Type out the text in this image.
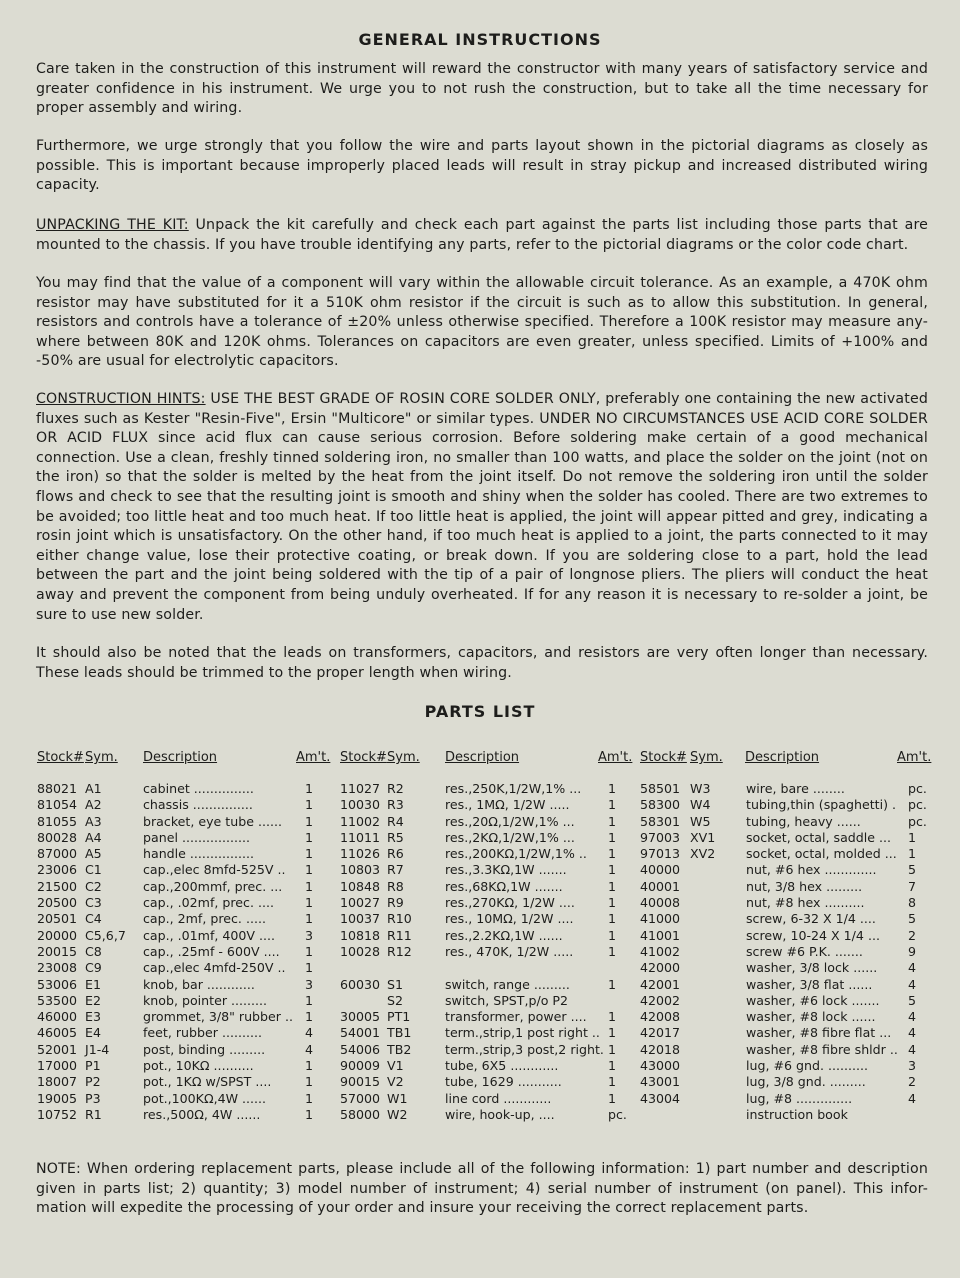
GENERAL INSTRUCTIONS
Care taken in the construction of this instrument will reward the constructor with many years of satisfactory service and greater confidence in his instrument. We urge you to not rush the construction, but to take all the time necessary for proper assembly and wiring.
Furthermore, we urge strongly that you follow the wire and parts layout shown in the pictorial diagrams as closely as possible. This is important because improperly placed leads will result in stray pickup and increased distributed wiring capacity.
UNPACKING THE KIT: Unpack the kit carefully and check each part against the parts list including those parts that are mounted to the chassis. If you have trouble identifying any parts, refer to the pictorial diagrams or the color code chart.
You may find that the value of a component will vary within the allowable circuit tolerance. As an example, a 470K ohm resistor may have substituted for it a 510K ohm resistor if the circuit is such as to allow this substitution. In general, resistors and controls have a tolerance of ±20% unless otherwise specified. Therefore a 100K resistor may measure any-where between 80K and 120K ohms. Tolerances on capacitors are even greater, unless specified. Limits of +100% and -50% are usual for electrolytic capacitors.
CONSTRUCTION HINTS: USE THE BEST GRADE OF ROSIN CORE SOLDER ONLY, preferably one containing the new activated fluxes such as Kester "Resin-Five", Ersin "Multicore" or similar types. UNDER NO CIRCUMSTANCES USE ACID CORE SOLDER OR ACID FLUX since acid flux can cause serious corrosion. Before soldering make certain of a good mechanical connection. Use a clean, freshly tinned soldering iron, no smaller than 100 watts, and place the solder on the joint (not on the iron) so that the solder is melted by the heat from the joint itself. Do not remove the soldering iron until the solder flows and check to see that the resulting joint is smooth and shiny when the solder has cooled. There are two extremes to be avoided; too little heat and too much heat. If too little heat is applied, the joint will appear pitted and grey, indicating a rosin joint which is unsatisfactory. On the other hand, if too much heat is applied to a joint, the parts connected to it may either change value, lose their protective coating, or break down. If you are soldering close to a part, hold the lead between the part and the joint being soldered with the tip of a pair of longnose pliers. The pliers will conduct the heat away and prevent the component from being unduly overheated. If for any reason it is necessary to re-solder a joint, be sure to use new solder.
It should also be noted that the leads on transformers, capacitors, and resistors are very often longer than necessary. These leads should be trimmed to the proper length when wiring.
PARTS LIST
Stock# Sym. Description	Am't. Stock# Sym. Description	Am't. Stock# Sym. Description	Am't.
88021 A1	cabinet ...............	1
81054 A2	chassis ...............	1
81055 A3	bracket, eye tube ...... 1
80028 A4	panel .................	1
87000 A5	handle ................	1
23006 C1	cap.,elec 8mfd-525V .. 1
21500 C2	cap.,200mmf, prec. ... 1
20500 C3	cap., .02mf, prec. .... 1
20501 C4	cap., 2mf, prec. .....	1
20000 C5,6,7 cap., .01mf, 400V .... 3
20015 C8	cap., .25mf - 600V .... 1
23008 C9	cap.,elec 4mfd-250V .. 1
53006 E1	knob, bar ............	3
53500 E2	knob, pointer .........	1
46000 E3	grommet, 3/8" rubber .. 1
46005 E4	feet, rubber ..........	4
52001 J1-4	post, binding .........	4
17000 P1	pot., 10KΩ ..........	1
18007 P2	pot., 1KΩ w/SPST ....	1
19005 P3	pot.,100KΩ,4W ......	1
10752 R1	res.,500Ω, 4W ......	1
11027 R2	res.,250K,1/2W,1% ... 1
10030 R3	res., 1MΩ, 1/2W .....	1
11002 R4	res.,20Ω,1/2W,1% ...	1
11011 R5	res.,2KΩ,1/2W,1% ...	1
11026 R6	res.,200KΩ,1/2W,1% .. 1
10803 R7	res.,3.3KΩ,1W .......	1
10848 R8	res.,68KΩ,1W .......	1
10027 R9	res.,270KΩ, 1/2W ....	1
10037 R10	res., 10MΩ, 1/2W ....	1
10818 R11	res.,2.2KΩ,1W ......	1
10028 R12	res., 470K, 1/2W .....	1
60030 S1	switch, range .........	1
S2	switch, SPST,p/o P2
30005 PT1	transformer, power .... 1
54001 TB1	term.,strip,1 post right .. 1
54006 TB2	term.,strip,3 post,2 right. 1
90009 V1	tube, 6X5 ............	1
90015 V2	tube, 1629 ...........	1
57000 W1	line cord ............	1
58000 W2	wire, hook-up, ....	pc.
58501 W3	wire, bare ........	pc.
58300 W4	tubing,thin (spaghetti) . pc.
58301 W5	tubing, heavy ......	pc.
97003 XV1 socket, octal, saddle ... 1
97013 XV2 socket, octal, molded ... 1
40000	nut, #6 hex .............	5
40001	nut, 3/8 hex .........	7
40008	nut, #8 hex ..........	8
41000	screw, 6-32 X 1/4 ....	5
41001	screw, 10-24 X 1/4 ... 2
41002	screw #6 P.K. .......	9
42000	washer, 3/8 lock ...... 4
42001	washer, 3/8 flat ......	4
42002	washer, #6 lock ....... 5
42008	washer, #8 lock ......	4
42017	washer, #8 fibre flat ... 4
42018	washer, #8 fibre shldr .. 4
43000	lug, #6 gnd. ..........	3
43001	lug, 3/8 gnd. .........	2
43004	lug, #8 ..............	4
instruction book
NOTE: When ordering replacement parts, please include all of the following information: 1) part number and description given in parts list; 2) quantity; 3) model number of instrument; 4) serial number of instrument (on panel). This infor-mation will expedite the processing of your order and insure your receiving the correct replacement parts.
